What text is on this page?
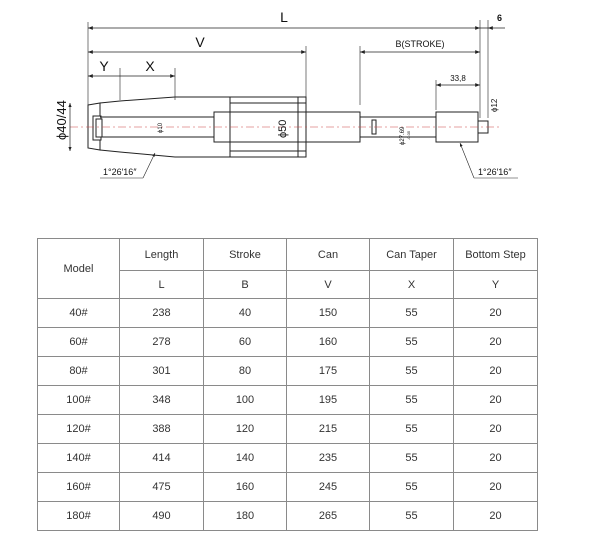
L	6
V	B(STROKE)
Y	X
33,8
ϕ40/44	ϕ10	ϕ50	ϕ27.69 -0.05
ϕ12
1°26′16″	1°26′16″
Model	Length	Stroke	Can	Can Taper	Bottom Step
	L	B	V	X	Y
40#	238	40	150	55	20
60#	278	60	160	55	20
80#	301	80	175	55	20
100#	348	100	195	55	20
120#	388	120	215	55	20
140#	414	140	235	55	20
160#	475	160	245	55	20
180#	490	180	265	55	20
